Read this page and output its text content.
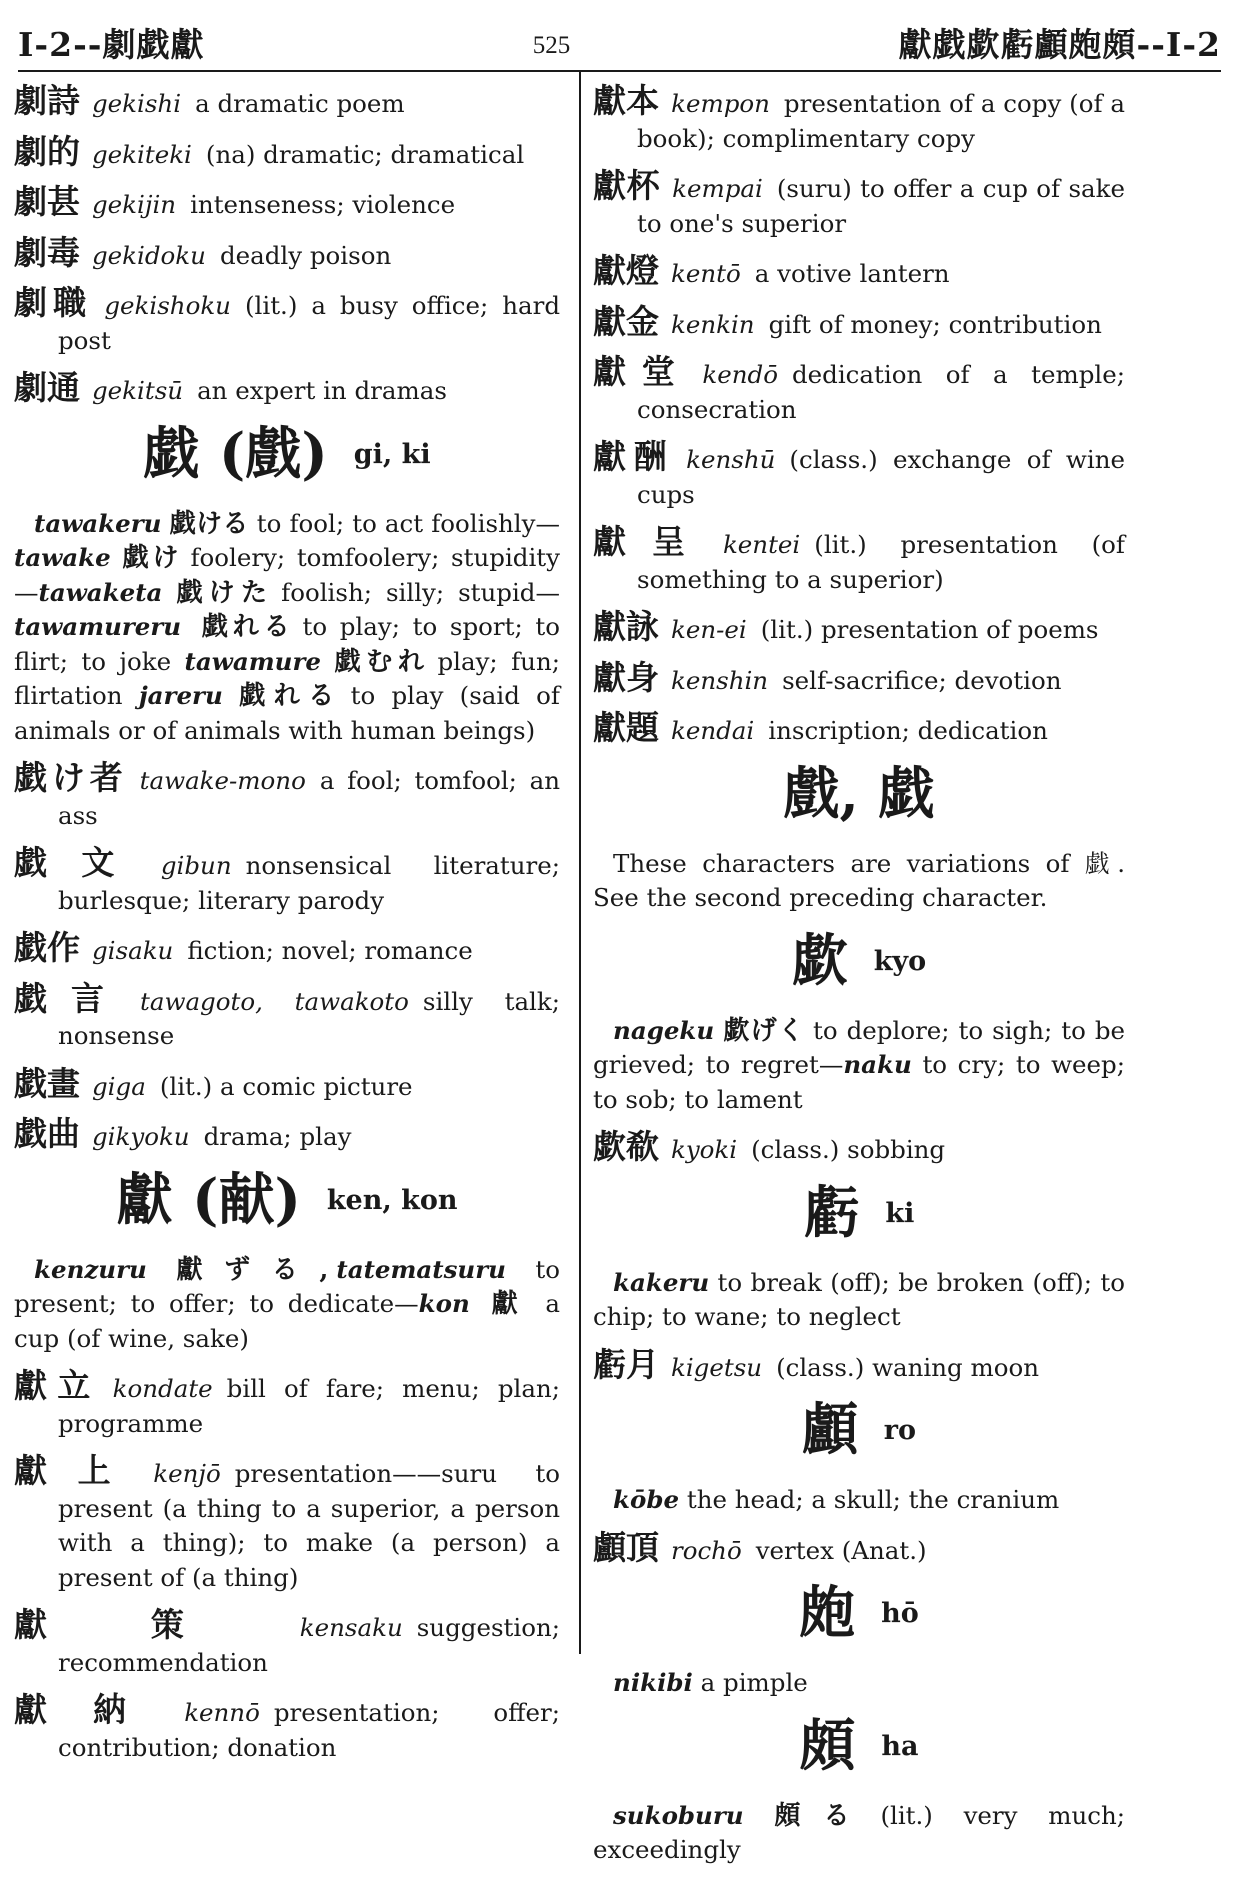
I-2--劇戯獻	525	獻戯歔虧顱皰頗--I-2
劇詩 gekishi a dramatic poem
劇的 gekiteki (na) dramatic; dramatical
劇甚 gekijin intenseness; violence
劇毒 gekidoku deadly poison
劇職 gekishoku (lit.) a busy office; hard post
劇通 gekitsū an expert in dramas
戯 (戲) gi, ki

tawakeru 戯ける to fool; to act foolishly—tawake 戯け foolery; tomfoolery; stupidity—tawaketa 戯けた foolish; silly; stupid—tawamureru 戯れる to play; to sport; to flirt; to joke tawamure 戯むれ play; fun; flirtation jareru 戯れる to play (said of animals or of animals with human beings)

戯け者 tawake-mono a fool; tomfool; an ass
戯文 gibun nonsensical literature; burlesque; literary parody
戯作 gisaku fiction; novel; romance
戯言 tawagoto, tawakoto silly talk; nonsense
戯畫 giga (lit.) a comic picture
戯曲 gikyoku drama; play
獻 (献) ken, kon

kenzuru 獻ずる, tatematsuru to present; to offer; to dedicate—kon 獻 a cup (of wine, sake)

獻立 kondate bill of fare; menu; plan; programme
獻上 kenjō presentation——suru to present (a thing to a superior, a person with a thing); to make (a person) a present of (a thing)
獻策 kensaku suggestion; recommendation
獻納 kennō presentation; offer; contribution; donation
獻本 kempon presentation of a copy (of a book); complimentary copy
獻杯 kempai (suru) to offer a cup of sake to one's superior
獻燈 kentō a votive lantern
獻金 kenkin gift of money; contribution
獻堂 kendō dedication of a temple; consecration
獻酬 kenshū (class.) exchange of wine cups
獻呈 kentei (lit.) presentation (of something to a superior)
獻詠 ken-ei (lit.) presentation of poems
獻身 kenshin self-sacrifice; devotion
獻題 kendai inscription; dedication
戲, 戯

These characters are variations of 戯. See the second preceding character.

歔 kyo

nageku 歔げく to deplore; to sigh; to be grieved; to regret—naku to cry; to weep; to sob; to lament

歔欷 kyoki (class.) sobbing
虧 ki

kakeru to break (off); be broken (off); to chip; to wane; to neglect

虧月 kigetsu (class.) waning moon
顱 ro

kōbe the head; a skull; the cranium

顱頂 rochō vertex (Anat.)
皰 hō

nikibi a pimple

頗 ha

sukoburu 頗る (lit.) very much; exceedingly
